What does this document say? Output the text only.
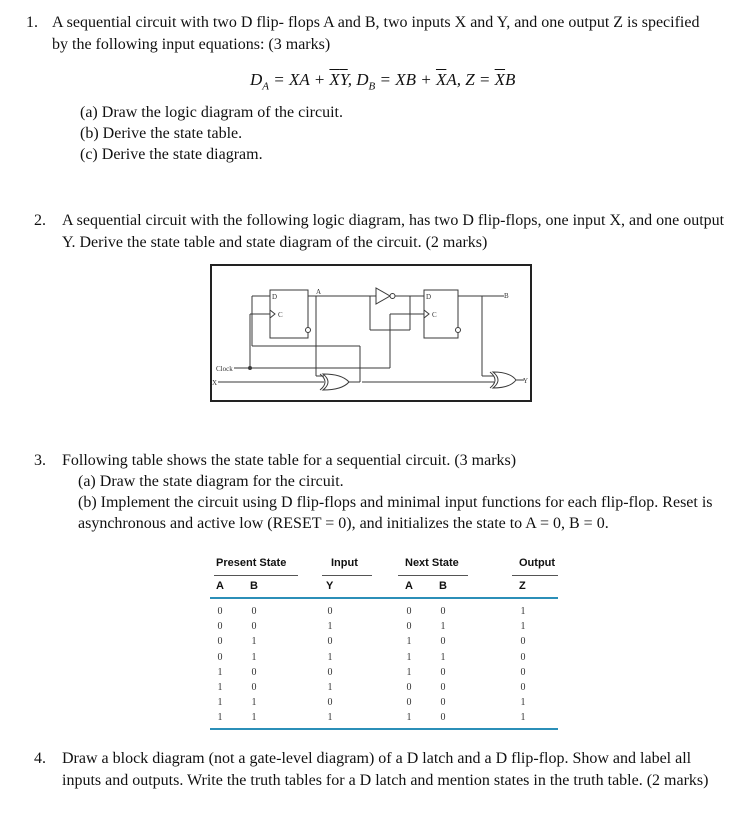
1. A sequential circuit with two D flip- flops A and B, two inputs X and Y, and one output Z is specified by the following input equations: (3 marks)
$D_A$ = XA + $\overline{X}\overline{Y}$, $D_B$ = XB + $\overline{X}A$, $Z = \overline{X}B$
(a) Draw the logic diagram of the circuit.
(b) Derive the state table.
(c) Derive the state diagram.
2. A sequential circuit with the following logic diagram, has two D flip-flops, one input X, and one output Y. Derive the state table and state diagram of the circuit. (2 marks)
D
C
A
D
C
B
Clock
X	Y
3. Following table shows the state table for a sequential circuit. (3 marks)
(a) Draw the state diagram for the circuit.
(b) Implement the circuit using D flip-flops and minimal input functions for each flip-flop. Reset is asynchronous and active low (RESET = 0), and initializes the state to A = 0, B = 0.
Present State	Input	Next State	Output
A B	Y	A B	Z
0	0	0	0	0	1
0	0	1	0	1	1
0	1	0	1	0	0
0	1	1	1	1	0
1	0	0	1	0	0
1	0	1	0	0	0
1	1	0	0	0	1
1	1	1	1	0	1
4. Draw a block diagram (not a gate-level diagram) of a D latch and a D flip-flop. Show and label all inputs and outputs. Write the truth tables for a D latch and mention states in the truth table. (2 marks)
